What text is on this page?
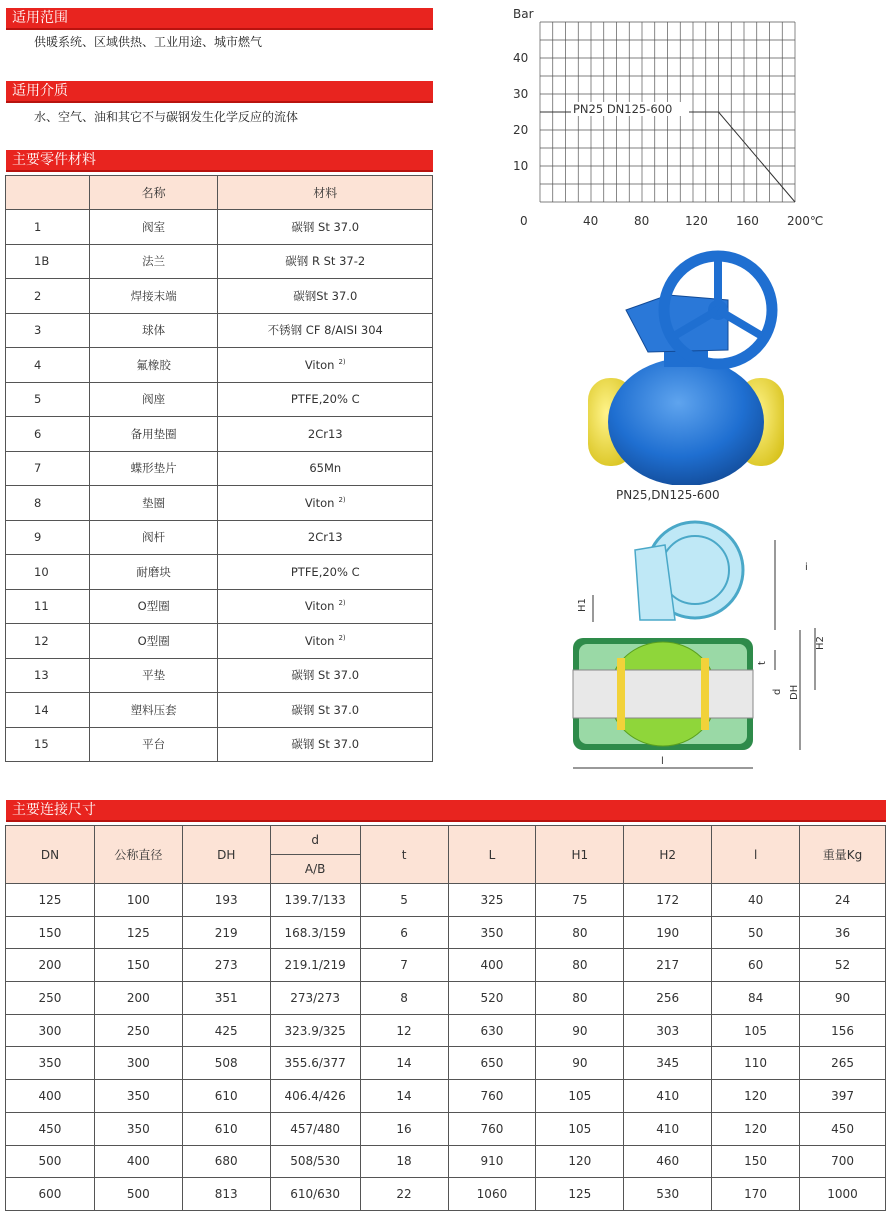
适用范围
供暖系统、区域供热、工业用途、城市燃气
适用介质
水、空气、油和其它不与碳钢发生化学反应的流体
主要零件材料
	名称	材料
1	阀室	碳钢 St 37.0
1B	法兰	碳钢 R St 37-2
2	焊接末端	碳钢St 37.0
3	球体	不锈钢 CF 8/AISI 304
4	氟橡胶	Viton $^{2)}$
5	阀座	PTFE,20% C
6	备用垫圈	2Cr13
7	蝶形垫片	65Mn
8	垫圈	Viton $^{2)}$
9	阀杆	2Cr13
10	耐磨块	PTFE,20% C
11	O型圈	Viton $^{2)}$
12	O型圈	Viton $^{2)}$
13	平垫	碳钢 St 37.0
14	塑料压套	碳钢 St 37.0
15	平台	碳钢 St 37.0
Bar
0	40	80	120 160 200℃
10
20
30
40
PN25 DN125-600
PN25,DN125-600
i
H1
H2
t
d DH
l
主要连接尺寸
DN	公称直径	DH	d	t	L	H1	H2	l	重量Kg
			A/B						
125	100	193	139.7/133	5	325	75	172	40	24
150	125	219	168.3/159	6	350	80	190	50	36
200	150	273	219.1/219	7	400	80	217	60	52
250	200	351	273/273	8	520	80	256	84	90
300	250	425	323.9/325	12	630	90	303	105	156
350	300	508	355.6/377	14	650	90	345	110	265
400	350	610	406.4/426	14	760	105	410	120	397
450	350	610	457/480	16	760	105	410	120	450
500	400	680	508/530	18	910	120	460	150	700
600	500	813	610/630	22	1060	125	530	170	1000
